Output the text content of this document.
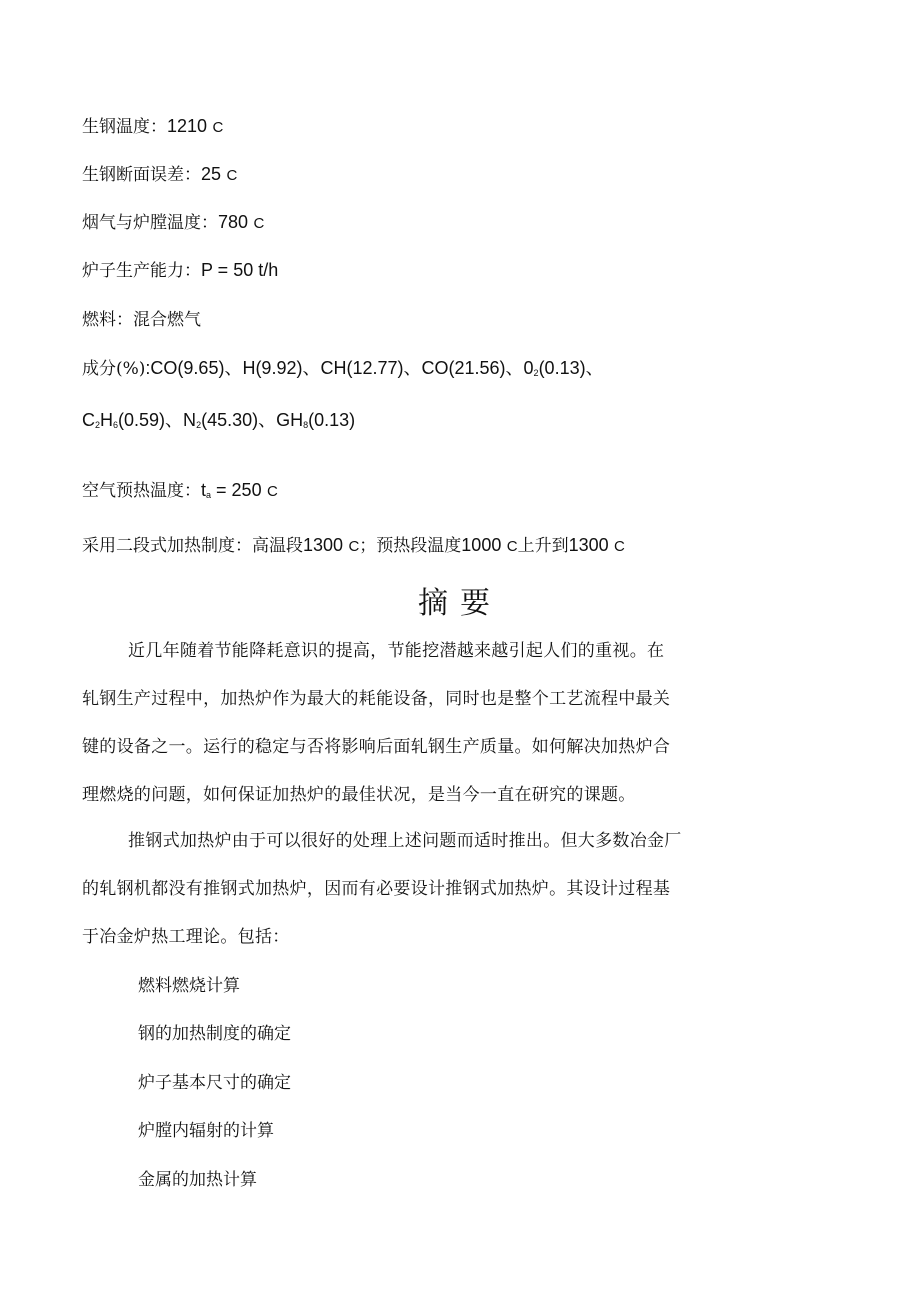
生钢温度：1210 C
生钢断面误差：25 C
烟气与炉膛温度：780 C
炉子生产能力：P = 50 t/h
燃料：混合燃气
成分(%):CO(9.65)、H(9.92)、CH(12.77)、CO(21.56)、$0_2(0.13)$、
$C_2H_6(0.59)$、$N_2(45.30)$、$GH_8(0.13)$
空气预热温度：$t_a = 250$ C
采用二段式加热制度：高温段1300 C；预热段温度1000 C上升到1300 C
摘要

近几年随着节能降耗意识的提高，节能挖潜越来越引起人们的重视。在

轧钢生产过程中，加热炉作为最大的耗能设备，同时也是整个工艺流程中最关

键的设备之一。运行的稳定与否将影响后面轧钢生产质量。如何解决加热炉合

理燃烧的问题，如何保证加热炉的最佳状况，是当今一直在研究的课题。

推钢式加热炉由于可以很好的处理上述问题而适时推出。但大多数冶金厂

的轧钢机都没有推钢式加热炉，因而有必要设计推钢式加热炉。其设计过程基

于冶金炉热工理论。包括：

燃料燃烧计算
钢的加热制度的确定
炉子基本尺寸的确定
炉膛内辐射的计算
金属的加热计算
